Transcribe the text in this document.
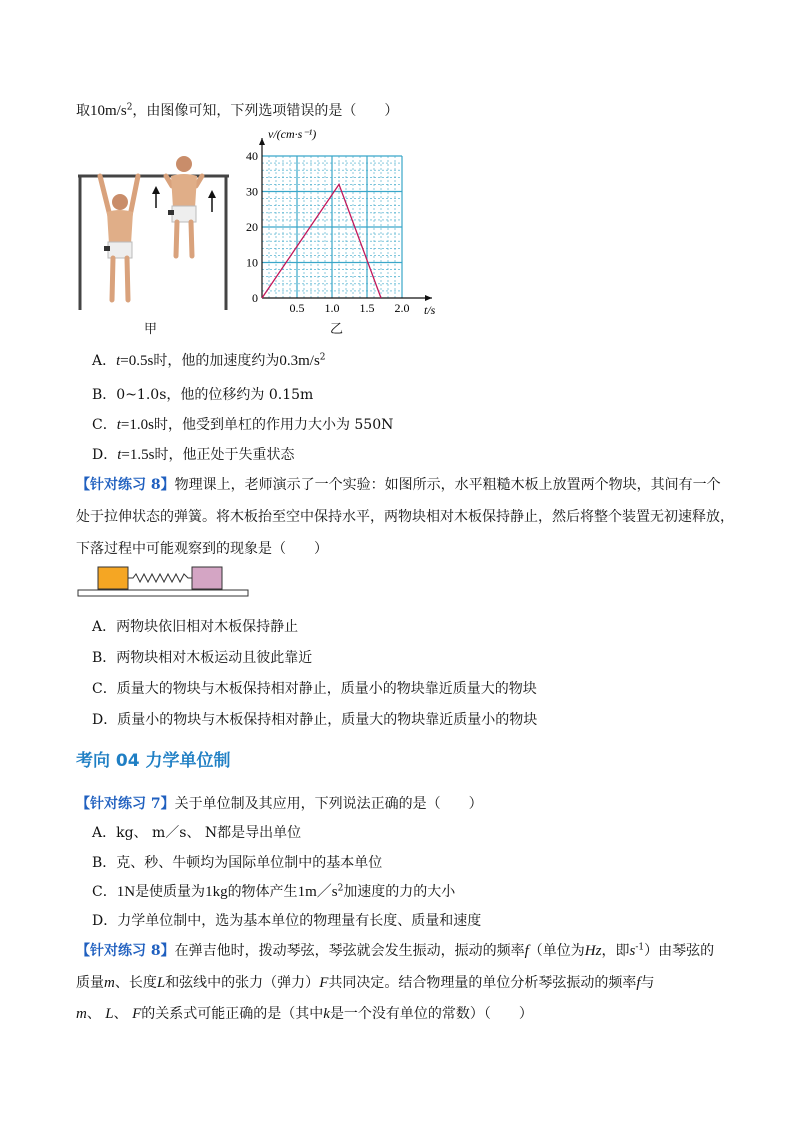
取$10m/s^2$，由图像可知，下列选项错误的是（　　）
甲
0.5 1.0 1.5 2.0
10
20
30
40
0
v/(cm·s⁻¹)
t/s
乙
A．t=0.5s时，他的加速度约为$0.3m/s^2$
B．0~1.0s，他的位移约为 0.15m
C．t=1.0s时，他受到单杠的作用力大小为 550N
D．t=1.5s时，他正处于失重状态
【针对练习 8】物理课上，老师演示了一个实验：如图所示，水平粗糙木板上放置两个物块，其间有一个
处于拉伸状态的弹簧。将木板抬至空中保持水平，两物块相对木板保持静止，然后将整个装置无初速释放，
下落过程中可能观察到的现象是（　　）
A．两物块依旧相对木板保持静止
B．两物块相对木板运动且彼此靠近
C．质量大的物块与木板保持相对静止，质量小的物块靠近质量大的物块
D．质量小的物块与木板保持相对静止，质量大的物块靠近质量小的物块
考向 04 力学单位制
【针对练习 7】关于单位制及其应用，下列说法正确的是（　　）
A．kg、 m／s、 N都是导出单位
B．克、秒、牛顿均为国际单位制中的基本单位
C．1N是使质量为1kg的物体产生$1m/s^2$加速度的力的大小
D．力学单位制中，选为基本单位的物理量有长度、质量和速度
【针对练习 8】在弹吉他时，拨动琴弦，琴弦就会发生振动，振动的频率f（单位为Hz，即$s^{-1}$）由琴弦的
质量m、长度L和弦线中的张力（弹力）F共同决定。结合物理量的单位分析琴弦振动的频率f与
m、 L、 F的关系式可能正确的是（其中k是一个没有单位的常数）（　　）
